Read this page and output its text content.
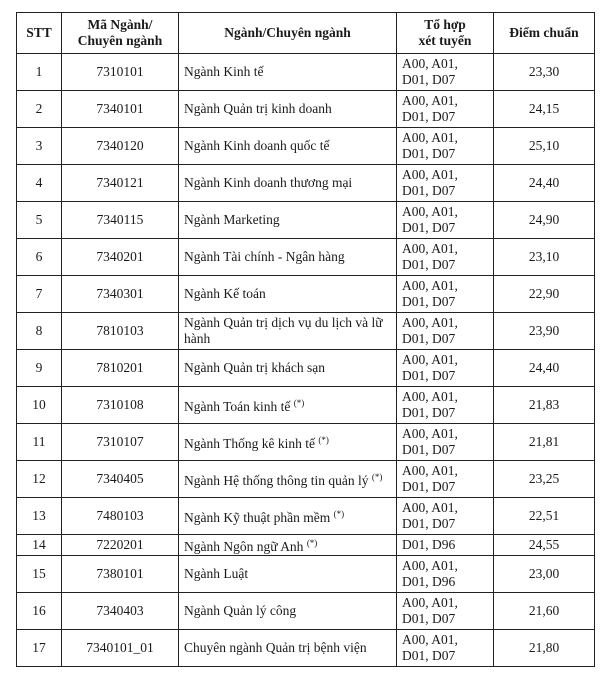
STT	Mã Ngành/
Chuyên ngành	Ngành/Chuyên ngành	Tổ hợp
xét tuyển	Điểm chuẩn
1	7310101	Ngành Kinh tế	A00, A01,
D01, D07	23,30
2	7340101	Ngành Quản trị kinh doanh	A00, A01,
D01, D07	24,15
3	7340120	Ngành Kinh doanh quốc tế	A00, A01,
D01, D07	25,10
4	7340121	Ngành Kinh doanh thương mại	A00, A01,
D01, D07	24,40
5	7340115	Ngành Marketing	A00, A01,
D01, D07	24,90
6	7340201	Ngành Tài chính - Ngân hàng	A00, A01,
D01, D07	23,10
7	7340301	Ngành Kế toán	A00, A01,
D01, D07	22,90
8	7810103	Ngành Quản trị dịch vụ du lịch và lữ hành	A00, A01,
D01, D07	23,90
9	7810201	Ngành Quản trị khách sạn	A00, A01,
D01, D07	24,40
10	7310108	Ngành Toán kinh tế (*)	A00, A01,
D01, D07	21,83
11	7310107	Ngành Thống kê kinh tế (*)	A00, A01,
D01, D07	21,81
12	7340405	Ngành Hệ thống thông tin quản lý (*)	A00, A01,
D01, D07	23,25
13	7480103	Ngành Kỹ thuật phần mềm (*)	A00, A01,
D01, D07	22,51
14	7220201	Ngành Ngôn ngữ Anh (*)	D01, D96	24,55
15	7380101	Ngành Luật	A00, A01,
D01, D96	23,00
16	7340403	Ngành Quản lý công	A00, A01,
D01, D07	21,60
17	7340101_01	Chuyên ngành Quản trị bệnh viện	A00, A01,
D01, D07	21,80
